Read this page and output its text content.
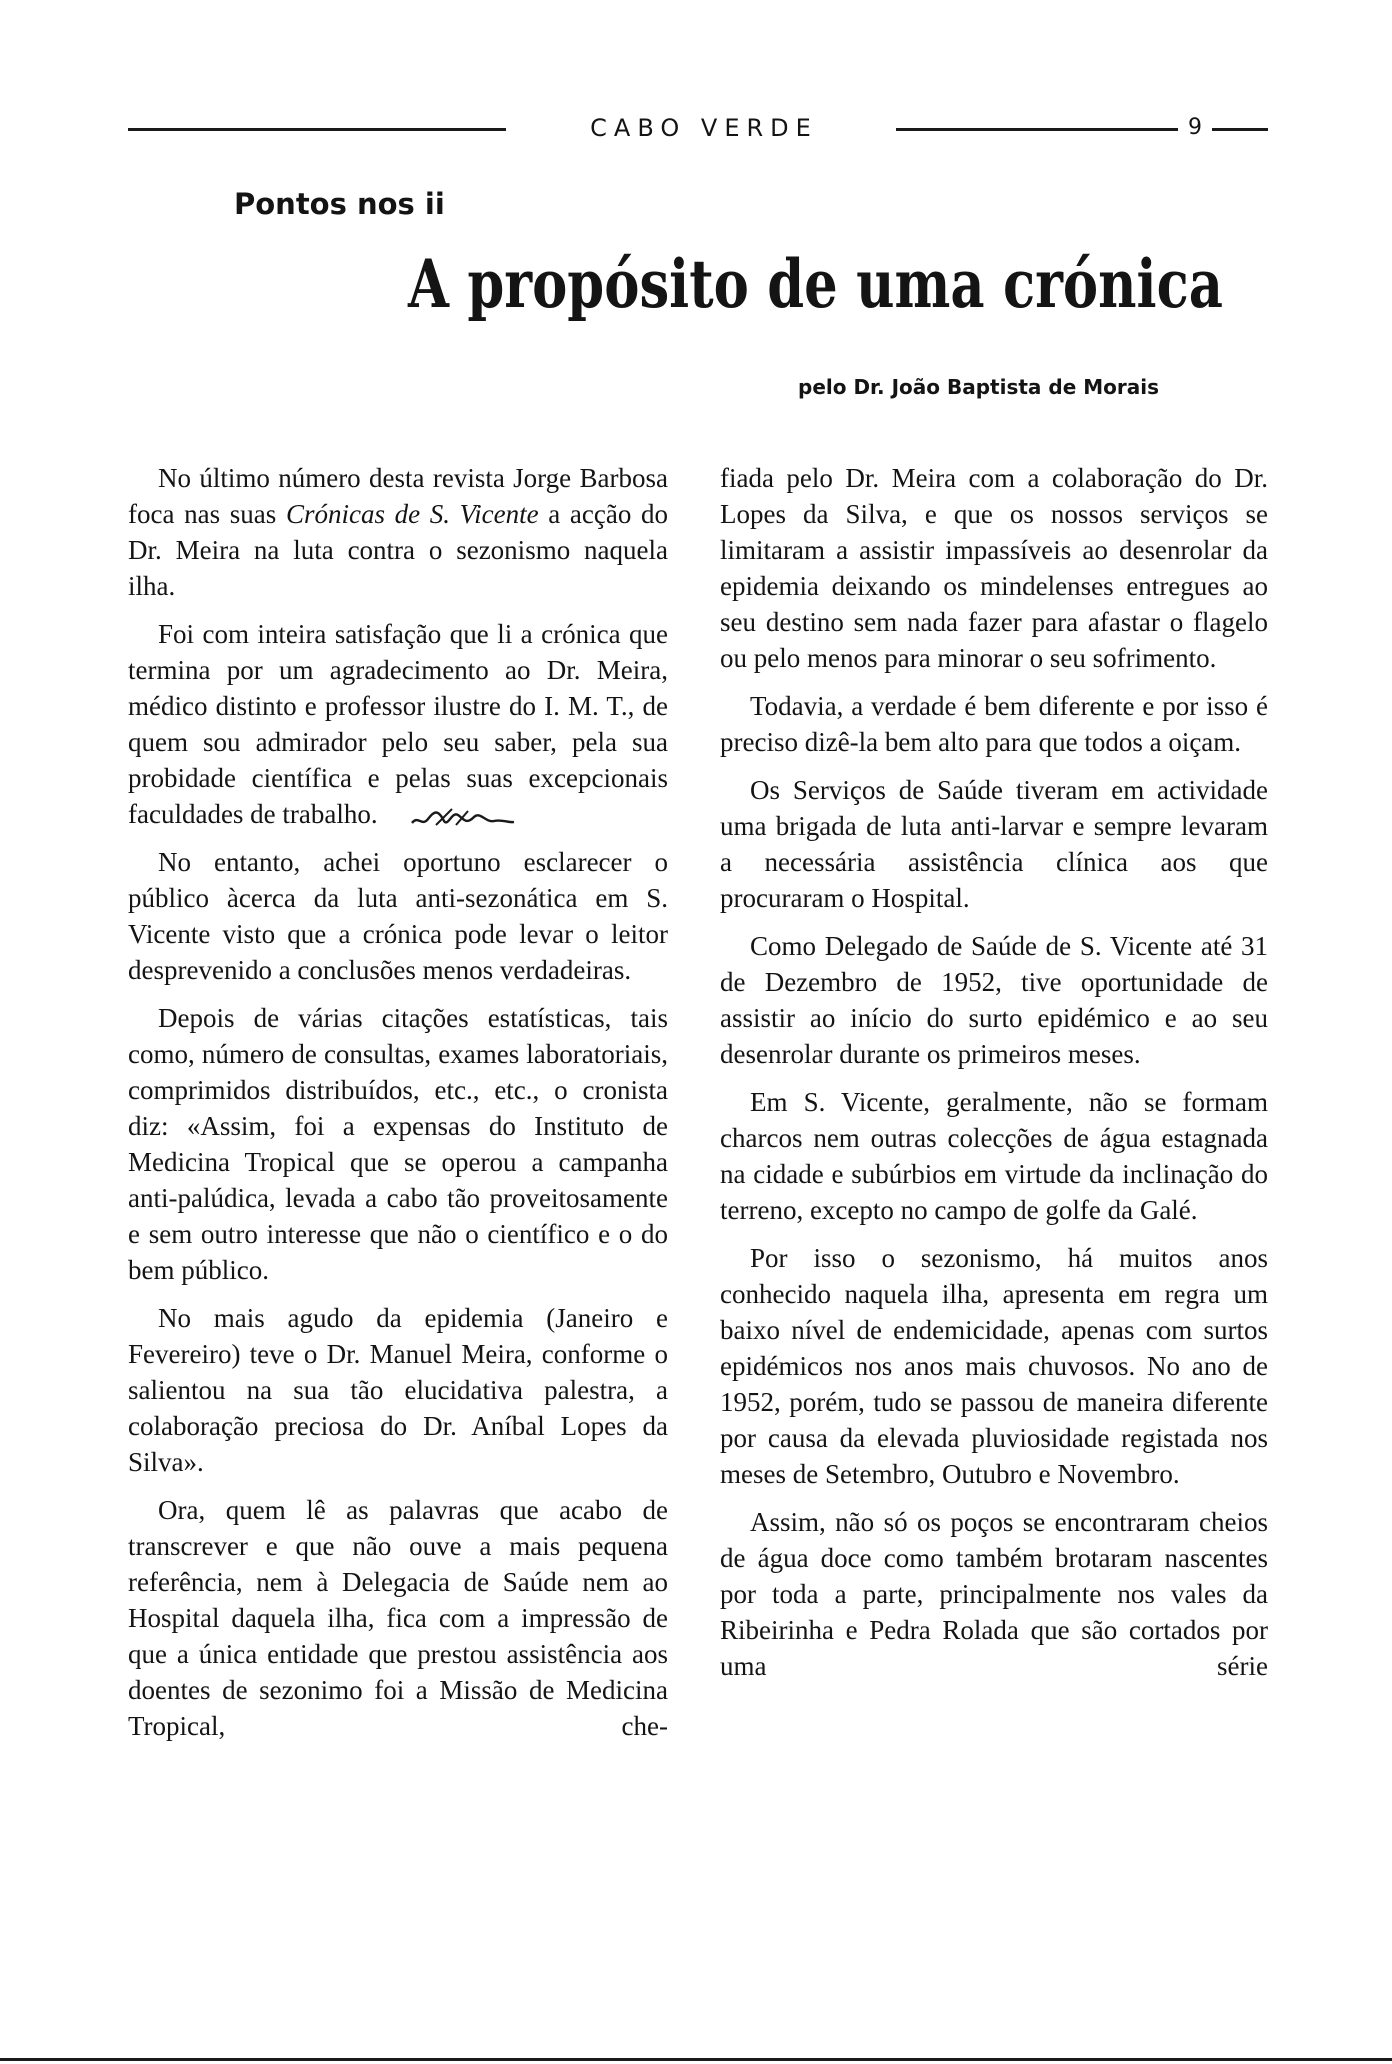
CABO VERDE	9
Pontos nos ii
A propósito de uma crónica
pelo Dr. João Baptista de Morais

No último número desta revista Jorge Barbosa foca nas suas Crónicas de S. Vicente a acção do Dr. Meira na luta contra o sezonismo naquela ilha.

Foi com inteira satisfação que li a crónica que termina por um agradecimento ao Dr. Meira, médico distinto e professor ilustre do I. M. T., de quem sou admirador pelo seu saber, pela sua probidade científica e pelas suas excepcionais faculdades de trabalho.

No entanto, achei oportuno esclarecer o público àcerca da luta anti-sezonática em S. Vicente visto que a crónica pode levar o leitor desprevenido a conclusões menos verdadeiras.

Depois de várias citações estatísticas, tais como, número de consultas, exames laboratoriais, comprimidos distribuídos, etc., etc., o cronista diz: «Assim, foi a expensas do Instituto de Medicina Tropical que se operou a campanha anti-palúdica, levada a cabo tão proveitosamente e sem outro interesse que não o científico e o do bem público.

No mais agudo da epidemia (Janeiro e Fevereiro) teve o Dr. Manuel Meira, conforme o salientou na sua tão elucidativa palestra, a colaboração preciosa do Dr. Aníbal Lopes da Silva».

Ora, quem lê as palavras que acabo de transcrever e que não ouve a mais pequena referência, nem à Delegacia de Saúde nem ao Hospital daquela ilha, fica com a impressão de que a única entidade que prestou assistência aos doentes de sezonimo foi a Missão de Medicina Tropical, che-

fiada pelo Dr. Meira com a colaboração do Dr. Lopes da Silva, e que os nossos serviços se limitaram a assistir impassíveis ao desenrolar da epidemia deixando os mindelenses entregues ao seu destino sem nada fazer para afastar o flagelo ou pelo menos para minorar o seu sofrimento.

Todavia, a verdade é bem diferente e por isso é preciso dizê-la bem alto para que todos a oiçam.

Os Serviços de Saúde tiveram em actividade uma brigada de luta anti-larvar e sempre levaram a necessária assistência clínica aos que procuraram o Hospital.

Como Delegado de Saúde de S. Vicente até 31 de Dezembro de 1952, tive oportunidade de assistir ao início do surto epidémico e ao seu desenrolar durante os primeiros meses.

Em S. Vicente, geralmente, não se formam charcos nem outras colecções de água estagnada na cidade e subúrbios em virtude da inclinação do terreno, excepto no campo de golfe da Galé.

Por isso o sezonismo, há muitos anos conhecido naquela ilha, apresenta em regra um baixo nível de endemicidade, apenas com surtos epidémicos nos anos mais chuvosos. No ano de 1952, porém, tudo se passou de maneira diferente por causa da elevada pluviosidade registada nos meses de Setembro, Outubro e Novembro.

Assim, não só os poços se encontraram cheios de água doce como também brotaram nascentes por toda a parte, principalmente nos vales da Ribeirinha e Pedra Rolada que são cortados por uma série
